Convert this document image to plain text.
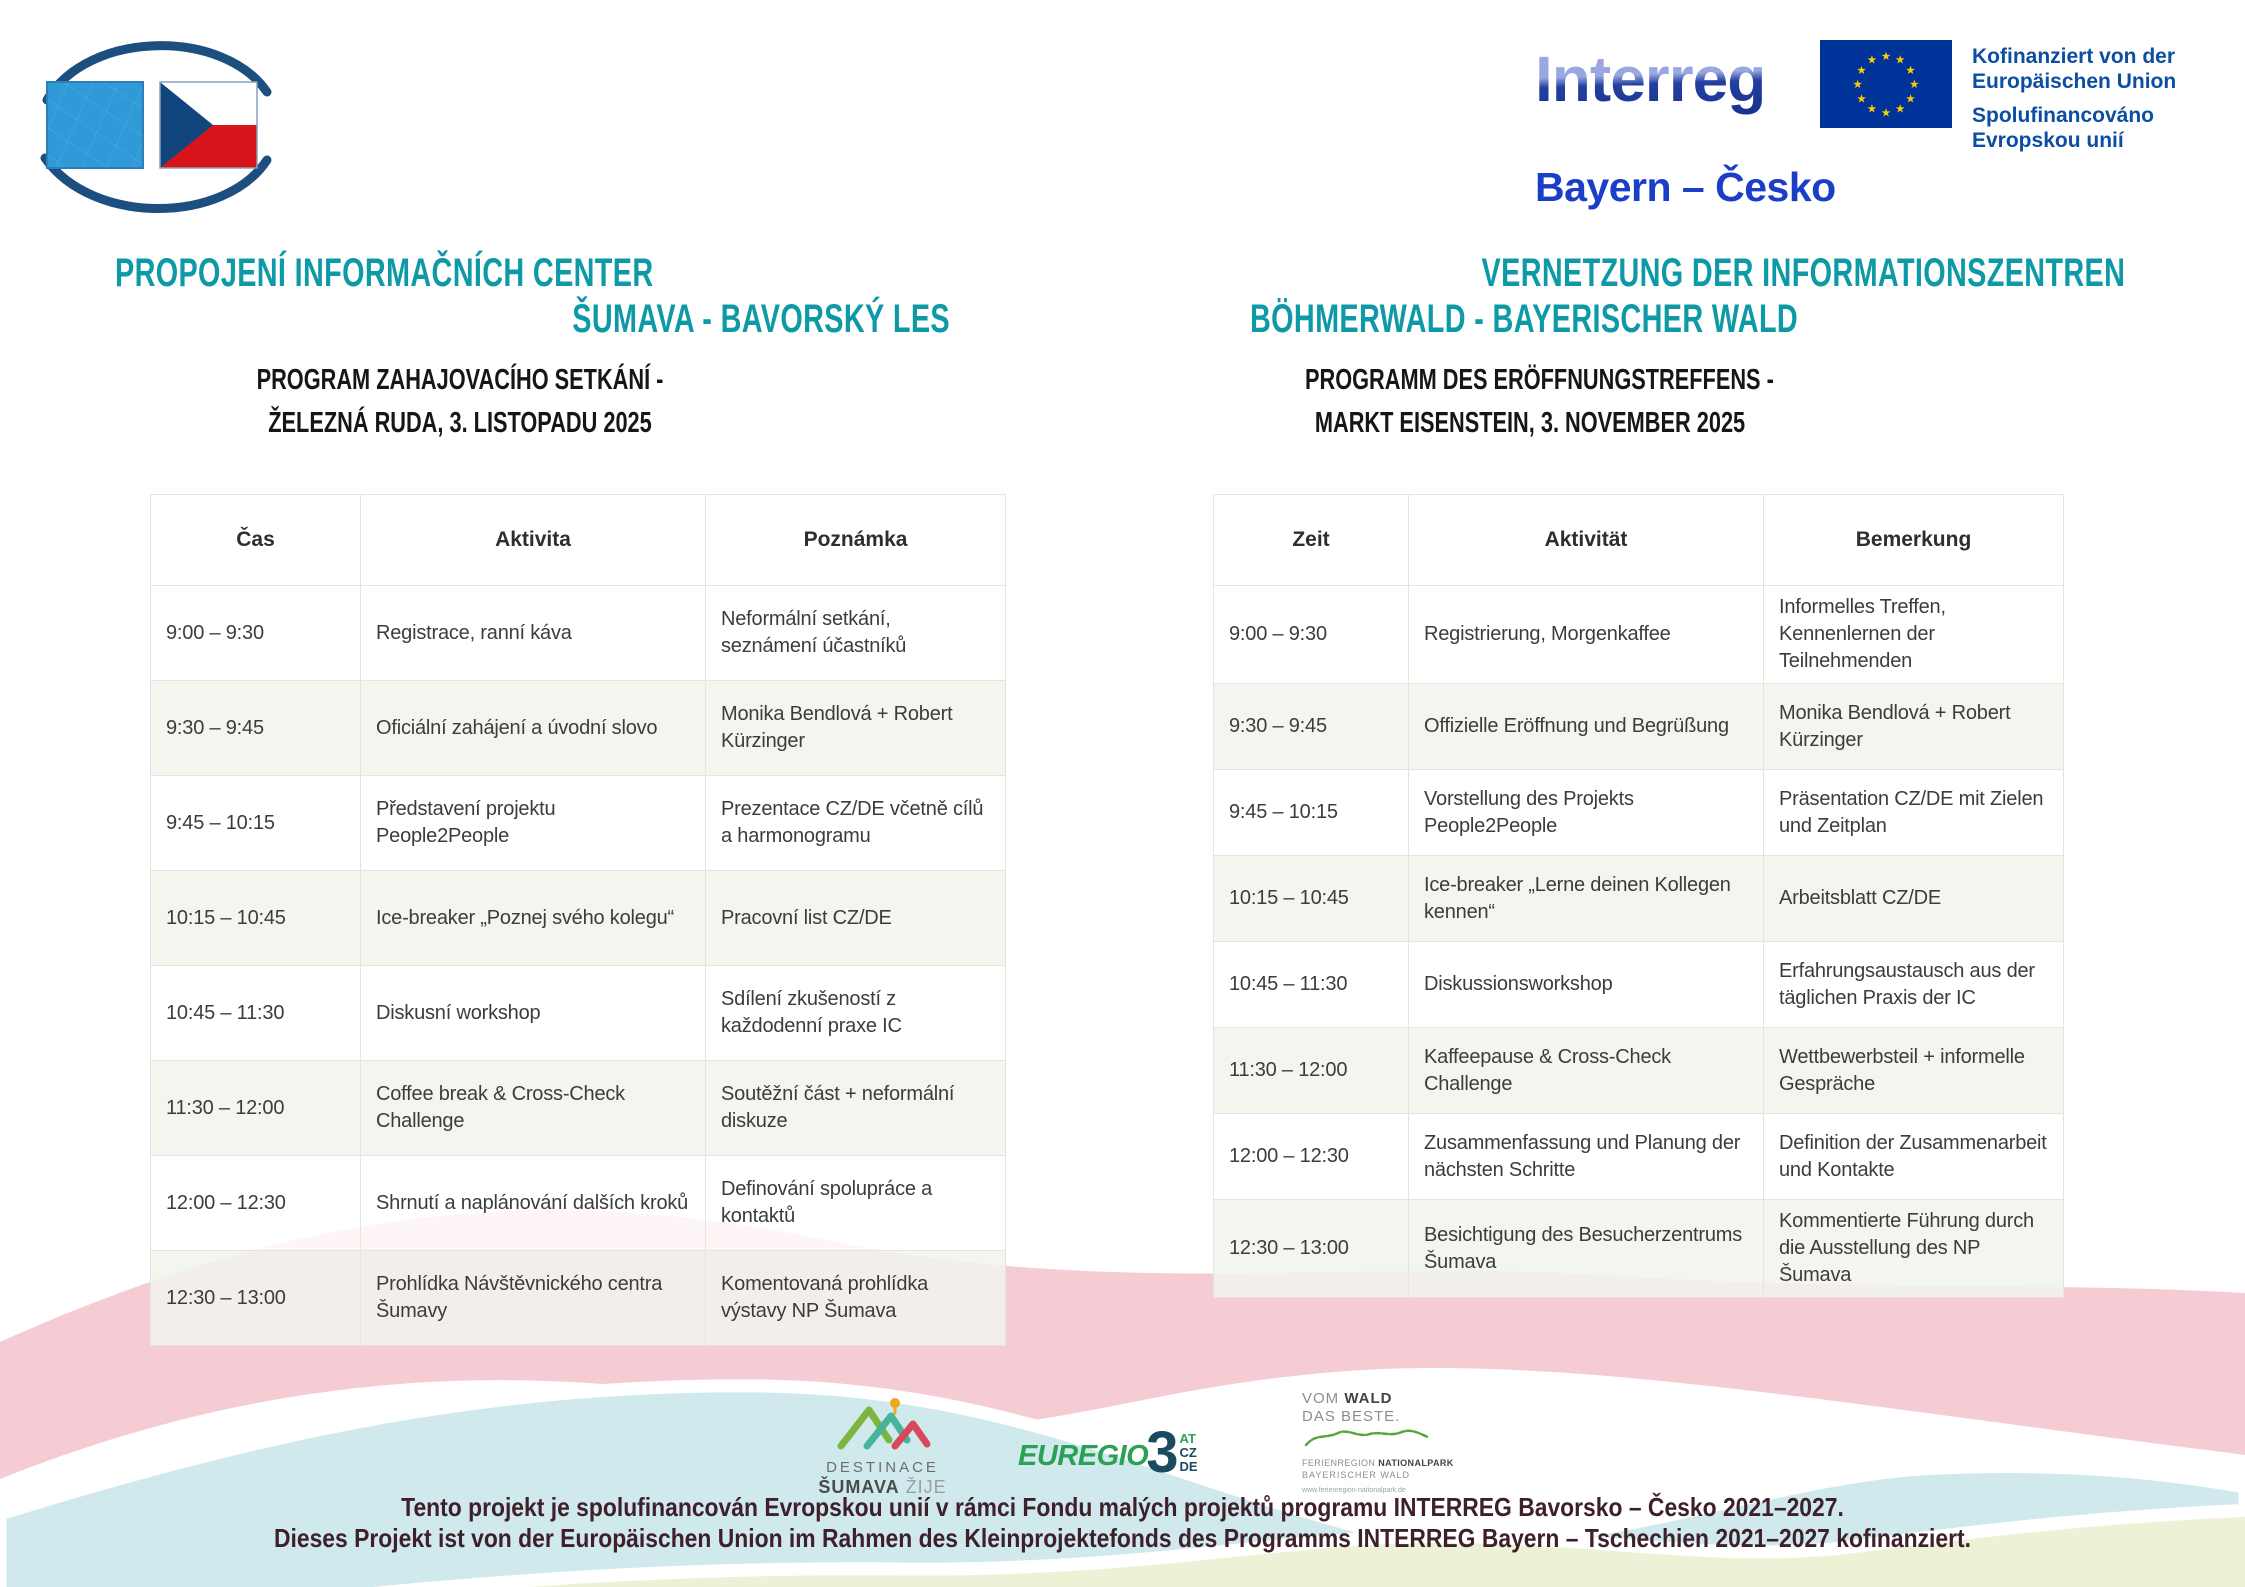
Interreg	★ ★
★
★
★
★
★
★
★
★
★
★	Kofinanziert von der Europäischen Union
Spolufinancováno Evropskou unií
Bayern – Česko
PROPOJENÍ INFORMAČNÍCH CENTER
ŠUMAVA - BAVORSKÝ LES
PROGRAM ZAHAJOVACÍHO SETKÁNÍ -
ŽELEZNÁ RUDA, 3. LISTOPADU 2025
VERNETZUNG DER INFORMATIONSZENTREN
BÖHMERWALD - BAYERISCHER WALD
PROGRAMM DES ERÖFFNUNGSTREFFENS -
MARKT EISENSTEIN, 3. NOVEMBER 2025
Čas	Aktivita	Poznámka
9:00 – 9:30	Registrace, ranní káva	Neformální setkání, seznámení účastníků
9:30 – 9:45	Oficiální zahájení a úvodní slovo	Monika Bendlová + Robert Kürzinger
9:45 – 10:15	Představení projektu People2People	Prezentace CZ/DE včetně cílů a harmonogramu
10:15 – 10:45	Ice-breaker „Poznej svého kolegu“	Pracovní list CZ/DE
10:45 – 11:30	Diskusní workshop	Sdílení zkušeností z každodenní praxe IC
11:30 – 12:00	Coffee break & Cross-Check Challenge	Soutěžní část + neformální diskuze
12:00 – 12:30	Shrnutí a naplánování dalších kroků	Definování spolupráce a kontaktů
12:30 – 13:00	Prohlídka Návštěvnického centra Šumavy	Komentovaná prohlídka výstavy NP Šumava
Zeit	Aktivität	Bemerkung
9:00 – 9:30	Registrierung, Morgenkaffee	Informelles Treffen, Kennenlernen der Teilnehmenden
9:30 – 9:45	Offizielle Eröffnung und Begrüßung	Monika Bendlová + Robert Kürzinger
9:45 – 10:15	Vorstellung des Projekts People2People	Präsentation CZ/DE mit Zielen und Zeitplan
10:15 – 10:45	Ice-breaker „Lerne deinen Kollegen kennen“	Arbeitsblatt CZ/DE
10:45 – 11:30	Diskussionsworkshop	Erfahrungsaustausch aus der täglichen Praxis der IC
11:30 – 12:00	Kaffeepause & Cross-Check Challenge	Wettbewerbsteil + informelle Gespräche
12:00 – 12:30	Zusammenfassung und Planung der nächsten Schritte	Definition der Zusammenarbeit und Kontakte
12:30 – 13:00	Besichtigung des Besucherzentrums Šumava	Kommentierte Führung durch die Ausstellung des NP Šumava
DESTINACE
ŠUMAVA ŽIJE
EUREGIO
3 AT
CZ
DE
VOM WALD
DAS BESTE.
FERIENREGION NATIONALPARK
BAYERISCHER WALD
www.ferienregion-nationalpark.de
Tento projekt je spolufinancován Evropskou unií v rámci Fondu malých projektů programu INTERREG Bavorsko – Česko 2021–2027.
Dieses Projekt ist von der Europäischen Union im Rahmen des Kleinprojektefonds des Programms INTERREG Bayern – Tschechien 2021–2027 kofinanziert.
